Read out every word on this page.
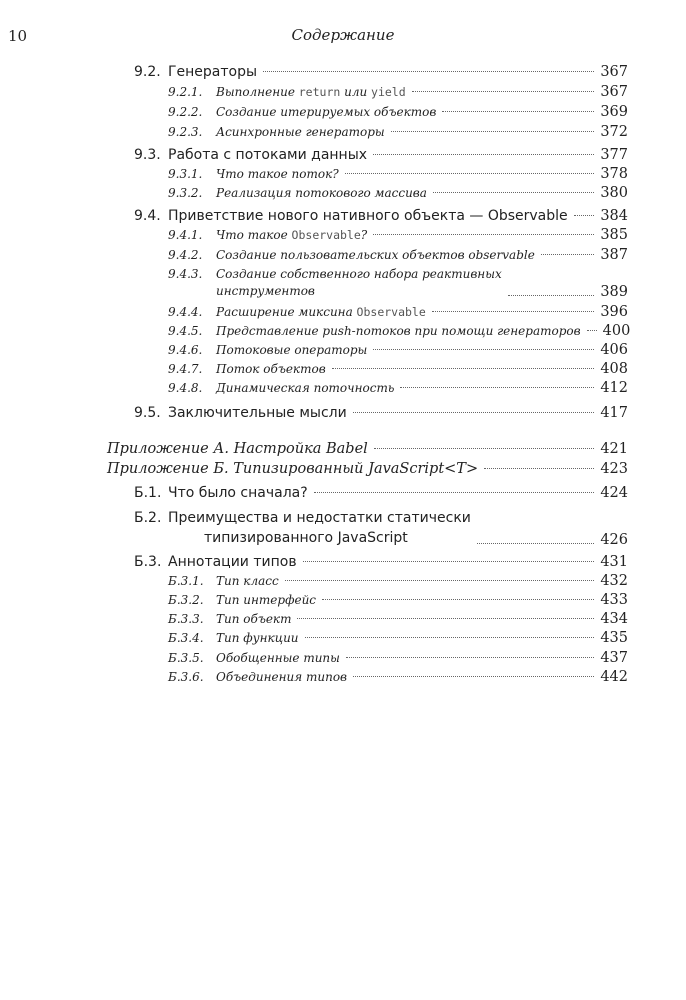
10	Содержание
9.2. Генераторы	367
9.2.1.	Выполнение return или yield	367
9.2.2.	Создание итерируемых объектов	369
9.2.3.	Асинхронные генераторы	372
9.3. Работа с потоками данных	377
9.3.1.	Что такое поток?	378
9.3.2.	Реализация потокового массива	380
9.4. Приветствие нового нативного объекта — Observable 384
9.4.1.	Что такое Observable?	385
9.4.2.	Создание пользовательских объектов observable	387
9.4.3.	Создание собственного набора реактивных
инструментов	389
9.4.4.	Расширение миксина Observable	396
9.4.5.	Представление push-потоков при помощи генераторов 400
9.4.6.	Потоковые операторы	406
9.4.7.	Поток объектов	408
9.4.8.	Динамическая поточность	412
9.5. Заключительные мысли	417
Приложение А. Настройка Babel	421
Приложение Б. Типизированный JavaScript<T>	423
Б.1. Что было сначала?	424
Б.2. Преимущества и недостатки статически
типизированного JavaScript	426
Б.3. Аннотации типов	431
Б.3.1.	Тип класс	432
Б.3.2.	Тип интерфейс	433
Б.3.3.	Тип объект	434
Б.3.4.	Тип функции	435
Б.3.5.	Обобщенные типы	437
Б.3.6.	Объединения типов	442
